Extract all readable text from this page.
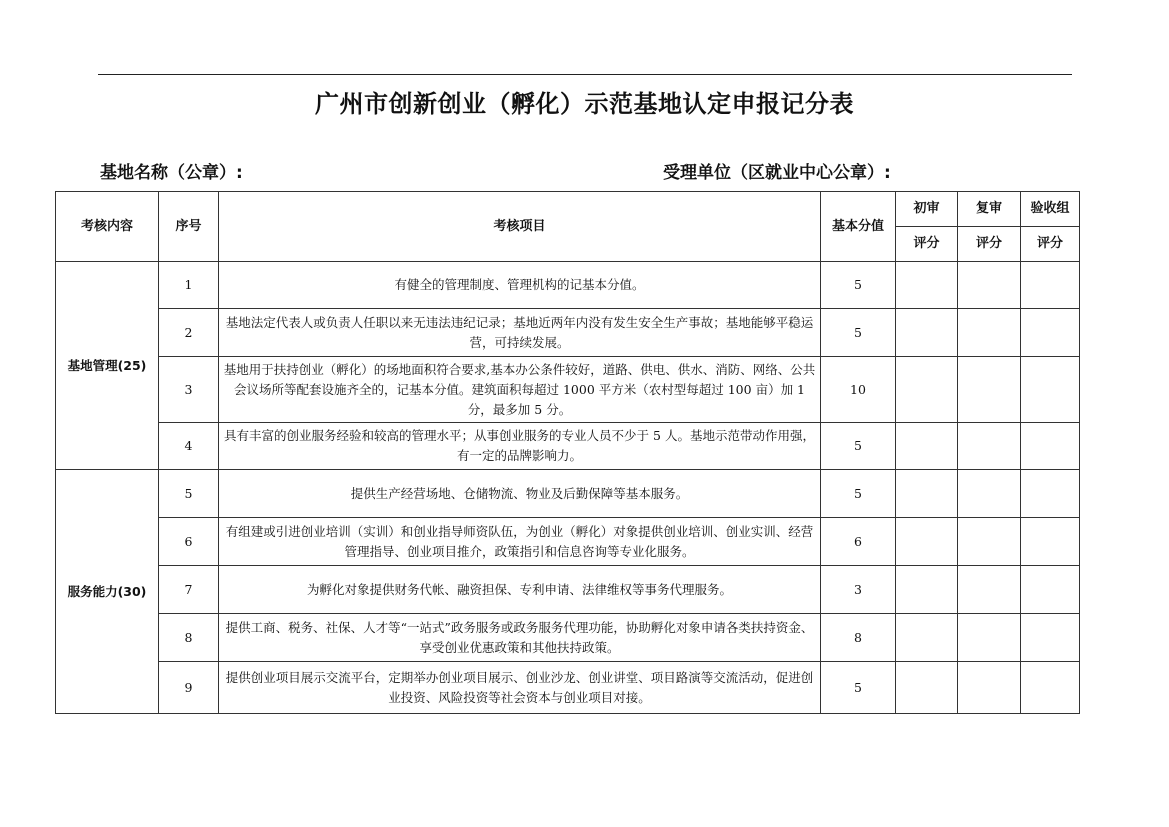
广州市创新创业（孵化）示范基地认定申报记分表
基地名称（公章）:	受理单位（区就业中心公章）:
考核内容	序号	考核项目	基本分值	初审	复审	验收组
				评分	评分	评分
基地管理(25)	1	有健全的管理制度、管理机构的记基本分值。	5			
	2	基地法定代表人或负责人任职以来无违法违纪记录；基地近两年内没有发生安全生产事故；基地能够平稳运营，可持续发展。	5			
	3	基地用于扶持创业（孵化）的场地面积符合要求,基本办公条件较好，道路、供电、供水、消防、网络、公共会议场所等配套设施齐全的，记基本分值。建筑面积每超过 1000 平方米（农村型每超过 100 亩）加 1 分，最多加 5 分。	10			
	4	具有丰富的创业服务经验和较高的管理水平；从事创业服务的专业人员不少于 5 人。基地示范带动作用强，有一定的品牌影响力。	5			
服务能力(30)	5	提供生产经营场地、仓储物流、物业及后勤保障等基本服务。	5			
	6	有组建或引进创业培训（实训）和创业指导师资队伍，为创业（孵化）对象提供创业培训、创业实训、经营管理指导、创业项目推介，政策指引和信息咨询等专业化服务。	6			
	7	为孵化对象提供财务代帐、融资担保、专利申请、法律维权等事务代理服务。	3			
	8	提供工商、税务、社保、人才等“一站式”政务服务或政务服务代理功能，协助孵化对象申请各类扶持资金、享受创业优惠政策和其他扶持政策。	8			
	9	提供创业项目展示交流平台，定期举办创业项目展示、创业沙龙、创业讲堂、项目路演等交流活动，促进创业投资、风险投资等社会资本与创业项目对接。	5			
